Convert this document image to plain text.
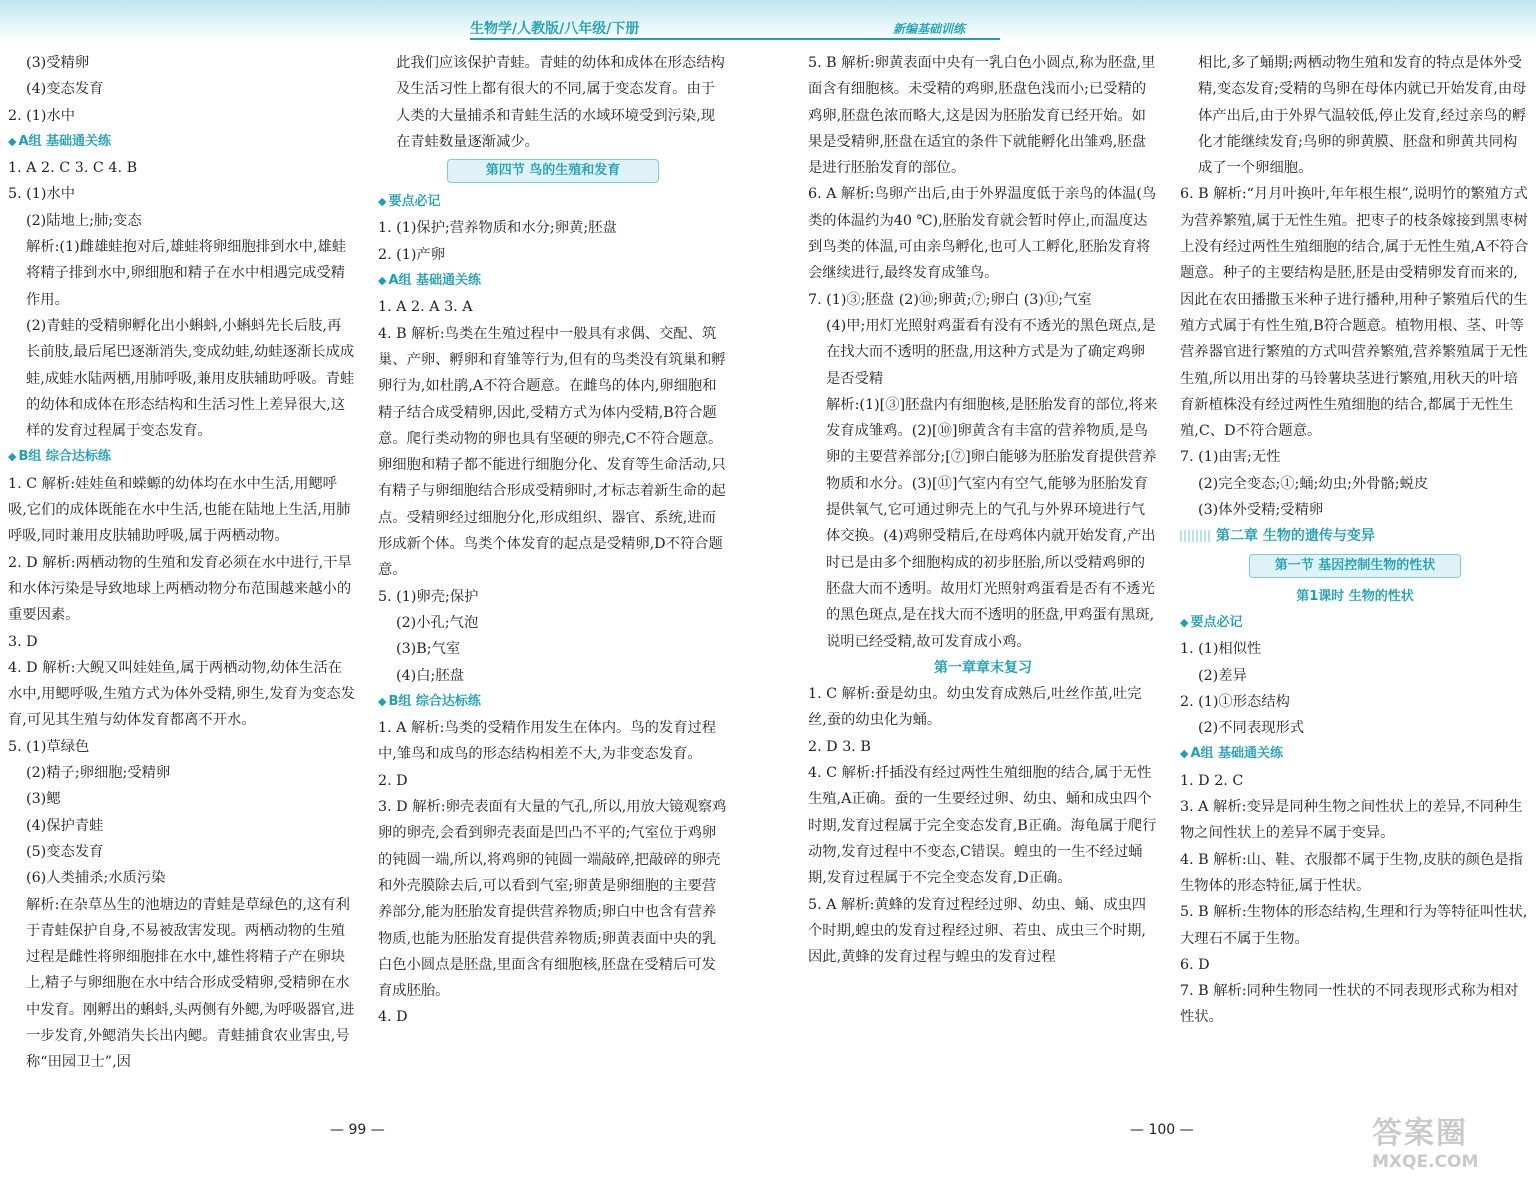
生物学/人教版/八年级/下册	新编基础训练
(3)受精卵
(4)变态发育
2. (1)水中
◆ A组 基础通关练
1. A 2. C 3. C 4. B
5. (1)水中
(2)陆地上;肺;变态
解析:(1)雌雄蛙抱对后,雄蛙将卵细胞排到水中,雄蛙将精子排到水中,卵细胞和精子在水中相遇完成受精作用。
(2)青蛙的受精卵孵化出小蝌蚪,小蝌蚪先长后肢,再长前肢,最后尾巴逐渐消失,变成幼蛙,幼蛙逐渐长成成蛙,成蛙水陆两栖,用肺呼吸,兼用皮肤辅助呼吸。青蛙的幼体和成体在形态结构和生活习性上差异很大,这样的发育过程属于变态发育。
◆ B组 综合达标练
1. C 解析:娃娃鱼和蝾螈的幼体均在水中生活,用鳃呼吸,它们的成体既能在水中生活,也能在陆地上生活,用肺呼吸,同时兼用皮肤辅助呼吸,属于两栖动物。
2. D 解析:两栖动物的生殖和发育必须在水中进行,干旱和水体污染是导致地球上两栖动物分布范围越来越小的重要因素。
3. D
4. D 解析:大鲵又叫娃娃鱼,属于两栖动物,幼体生活在水中,用鳃呼吸,生殖方式为体外受精,卵生,发育为变态发育,可见其生殖与幼体发育都离不开水。
5. (1)草绿色
(2)精子;卵细胞;受精卵
(3)鳃
(4)保护青蛙
(5)变态发育
(6)人类捕杀;水质污染
解析:在杂草丛生的池塘边的青蛙是草绿色的,这有利于青蛙保护自身,不易被敌害发现。两栖动物的生殖过程是雌性将卵细胞排在水中,雄性将精子产在卵块上,精子与卵细胞在水中结合形成受精卵,受精卵在水中发育。刚孵出的蝌蚪,头两侧有外鳃,为呼吸器官,进一步发育,外鳃消失长出内鳃。青蛙捕食农业害虫,号称“田园卫士”,因
此我们应该保护青蛙。青蛙的幼体和成体在形态结构及生活习性上都有很大的不同,属于变态发育。由于人类的大量捕杀和青蛙生活的水域环境受到污染,现在青蛙数量逐渐减少。
第四节 鸟的生殖和发育
◆ 要点必记
1. (1)保护;营养物质和水分;卵黄;胚盘
2. (1)产卵
◆ A组 基础通关练
1. A 2. A 3. A
4. B 解析:鸟类在生殖过程中一般具有求偶、交配、筑巢、产卵、孵卵和育雏等行为,但有的鸟类没有筑巢和孵卵行为,如杜鹃,A不符合题意。在雌鸟的体内,卵细胞和精子结合成受精卵,因此,受精方式为体内受精,B符合题意。爬行类动物的卵也具有坚硬的卵壳,C不符合题意。卵细胞和精子都不能进行细胞分化、发育等生命活动,只有精子与卵细胞结合形成受精卵时,才标志着新生命的起点。受精卵经过细胞分化,形成组织、器官、系统,进而形成新个体。鸟类个体发育的起点是受精卵,D不符合题意。
5. (1)卵壳;保护
(2)小孔;气泡
(3)B;气室
(4)白;胚盘
◆ B组 综合达标练
1. A 解析:鸟类的受精作用发生在体内。鸟的发育过程中,雏鸟和成鸟的形态结构相差不大,为非变态发育。
2. D
3. D 解析:卵壳表面有大量的气孔,所以,用放大镜观察鸡卵的卵壳,会看到卵壳表面是凹凸不平的;气室位于鸡卵的钝圆一端,所以,将鸡卵的钝圆一端敲碎,把敲碎的卵壳和外壳膜除去后,可以看到气室;卵黄是卵细胞的主要营养部分,能为胚胎发育提供营养物质;卵白中也含有营养物质,也能为胚胎发育提供营养物质;卵黄表面中央的乳白色小圆点是胚盘,里面含有细胞核,胚盘在受精后可发育成胚胎。
4. D
5. B 解析:卵黄表面中央有一乳白色小圆点,称为胚盘,里面含有细胞核。未受精的鸡卵,胚盘色浅而小;已受精的鸡卵,胚盘色浓而略大,这是因为胚胎发育已经开始。如果是受精卵,胚盘在适宜的条件下就能孵化出雏鸡,胚盘是进行胚胎发育的部位。
6. A 解析:鸟卵产出后,由于外界温度低于亲鸟的体温(鸟类的体温约为40 ℃),胚胎发育就会暂时停止,而温度达到鸟类的体温,可由亲鸟孵化,也可人工孵化,胚胎发育将会继续进行,最终发育成雏鸟。
7. (1)③;胚盘 (2)⑩;卵黄;⑦;卵白 (3)⑪;气室
(4)甲;用灯光照射鸡蛋看有没有不透光的黑色斑点,是在找大而不透明的胚盘,用这种方式是为了确定鸡卵是否受精
解析:(1)[③]胚盘内有细胞核,是胚胎发育的部位,将来发育成雏鸡。(2)[⑩]卵黄含有丰富的营养物质,是鸟卵的主要营养部分;[⑦]卵白能够为胚胎发育提供营养物质和水分。(3)[⑪]气室内有空气,能够为胚胎发育提供氧气,它可通过卵壳上的气孔与外界环境进行气体交换。(4)鸡卵受精后,在母鸡体内就开始发育,产出时已是由多个细胞构成的初步胚胎,所以受精鸡卵的胚盘大而不透明。故用灯光照射鸡蛋看是否有不透光的黑色斑点,是在找大而不透明的胚盘,甲鸡蛋有黑斑,说明已经受精,故可发育成小鸡。
第一章章末复习
1. C 解析:蚕是幼虫。幼虫发育成熟后,吐丝作茧,吐完丝,蚕的幼虫化为蛹。
2. D 3. B
4. C 解析:扦插没有经过两性生殖细胞的结合,属于无性生殖,A正确。蚕的一生要经过卵、幼虫、蛹和成虫四个时期,发育过程属于完全变态发育,B正确。海龟属于爬行动物,发育过程中不变态,C错误。蝗虫的一生不经过蛹期,发育过程属于不完全变态发育,D正确。
5. A 解析:黄蜂的发育过程经过卵、幼虫、蛹、成虫四个时期,蝗虫的发育过程经过卵、若虫、成虫三个时期,因此,黄蜂的发育过程与蝗虫的发育过程
相比,多了蛹期;两栖动物生殖和发育的特点是体外受精,变态发育;受精的鸟卵在母体内就已开始发育,由母体产出后,由于外界气温较低,停止发育,经过亲鸟的孵化才能继续发育;鸟卵的卵黄膜、胚盘和卵黄共同构成了一个卵细胞。
6. B 解析:“月月叶换叶,年年根生根”,说明竹的繁殖方式为营养繁殖,属于无性生殖。把枣子的枝条嫁接到黑枣树上没有经过两性生殖细胞的结合,属于无性生殖,A不符合题意。种子的主要结构是胚,胚是由受精卵发育而来的,因此在农田播撒玉米种子进行播种,用种子繁殖后代的生殖方式属于有性生殖,B符合题意。植物用根、茎、叶等营养器官进行繁殖的方式叫营养繁殖,营养繁殖属于无性生殖,所以用出芽的马铃薯块茎进行繁殖,用秋天的叶培育新植株没有经过两性生殖细胞的结合,都属于无性生殖,C、D不符合题意。
7. (1)由害;无性
(2)完全变态;①;蛹;幼虫;外骨骼;蜕皮
(3)体外受精;受精卵
第二章 生物的遗传与变异
第一节 基因控制生物的性状
第1课时 生物的性状
◆ 要点必记
1. (1)相似性
(2)差异
2. (1)①形态结构
(2)不同表现形式
◆ A组 基础通关练
1. D 2. C
3. A 解析:变异是同种生物之间性状上的差异,不同种生物之间性状上的差异不属于变异。
4. B 解析:山、鞋、衣服都不属于生物,皮肤的颜色是指生物体的形态特征,属于性状。
5. B 解析:生物体的形态结构,生理和行为等特征叫性状,大理石不属于生物。
6. D
7. B 解析:同种生物同一性状的不同表现形式称为相对性状。
— 99 —	— 100 —	答案圈
MXQE.COM
